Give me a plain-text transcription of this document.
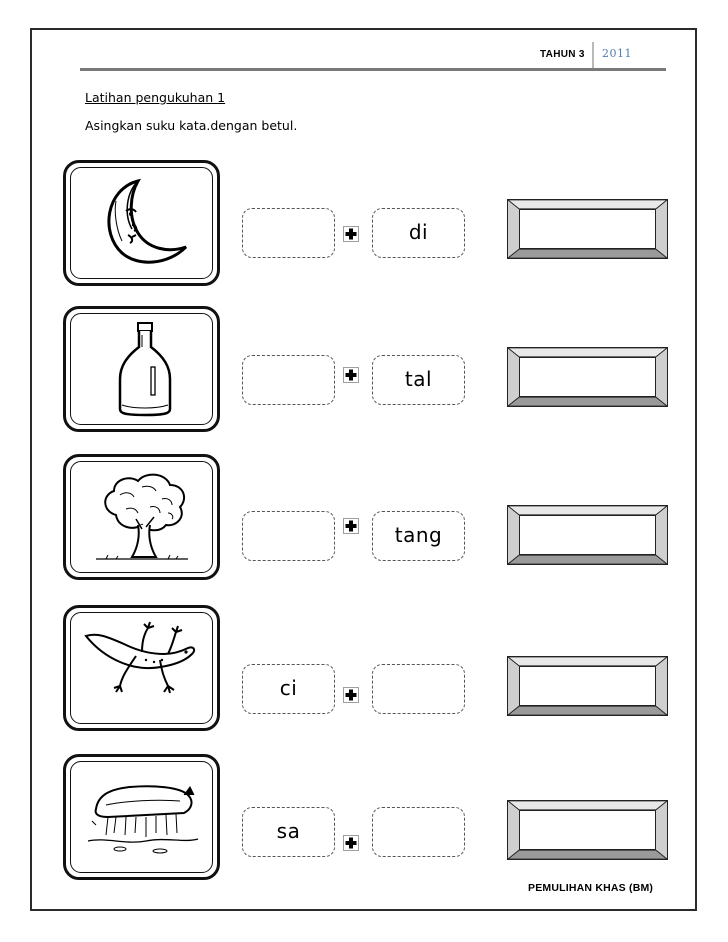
TAHUN 3 2011
Latihan pengukuhan 1
Asingkan suku kata.dengan betul.
di
tal
tang
ci
sa
PEMULIHAN KHAS (BM)
